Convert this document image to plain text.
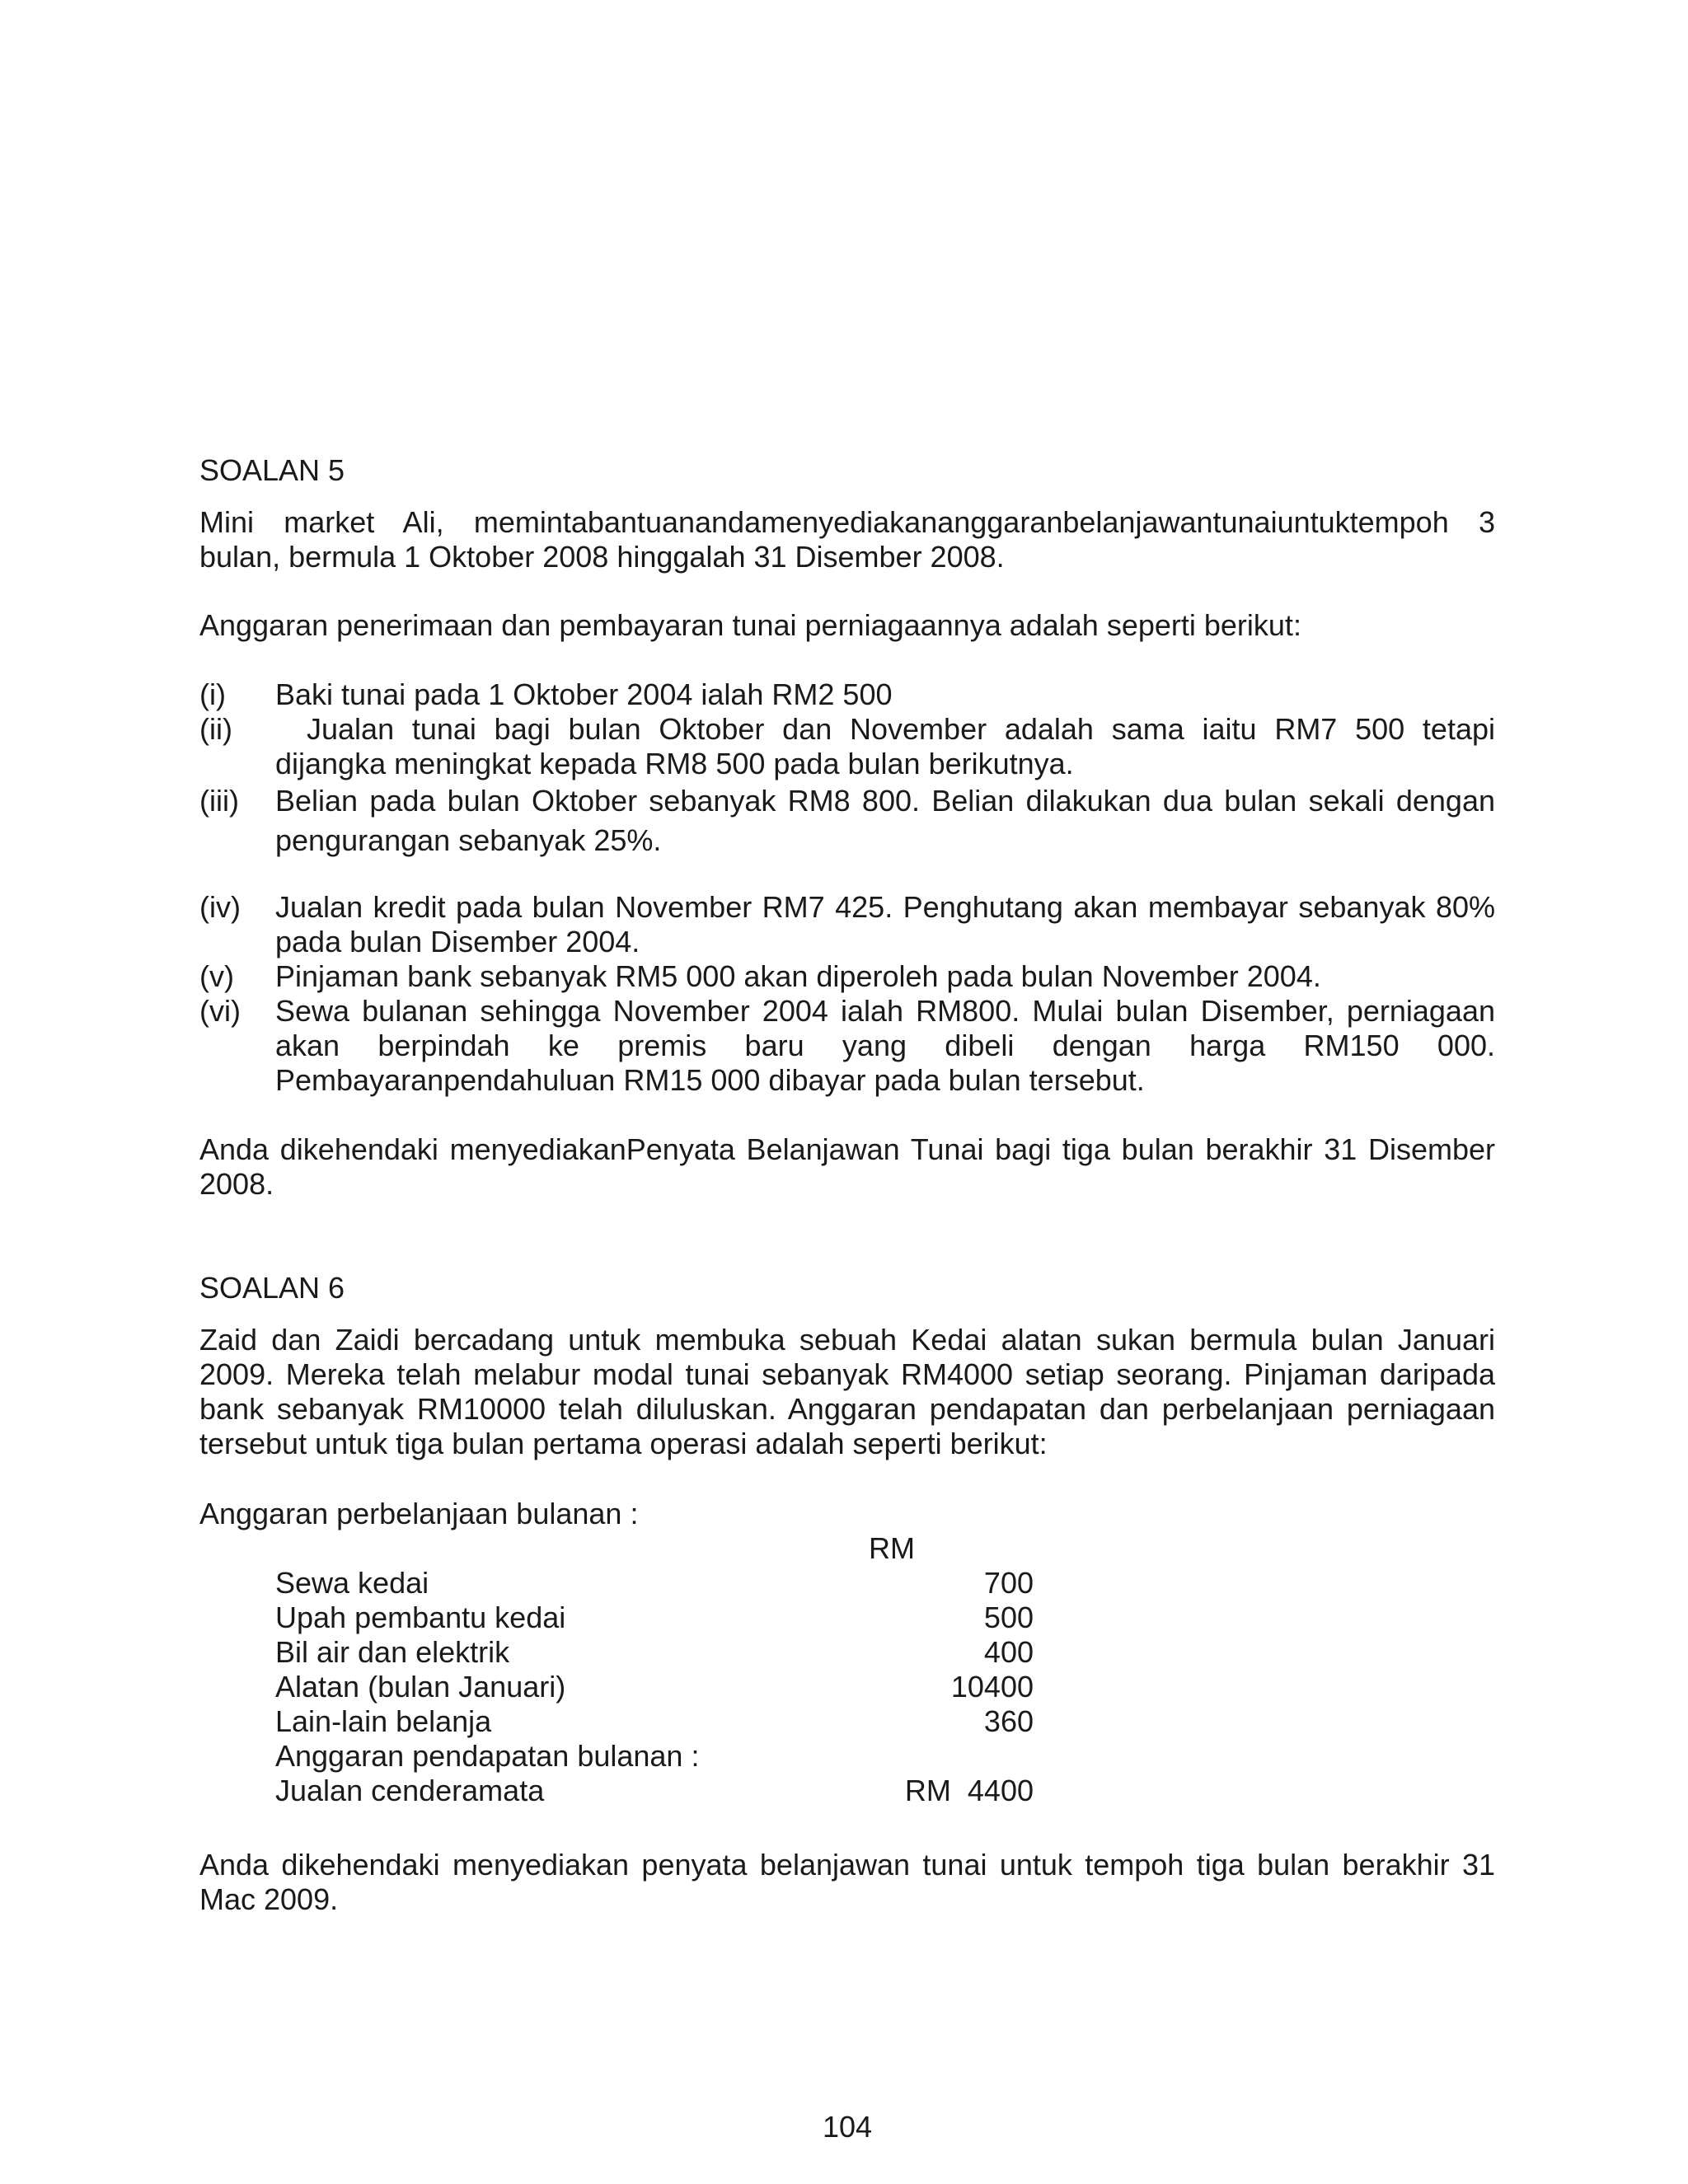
SOALAN 5

Mini market Ali, memintabantuanandamenyediakananggaranbelanjawantunaiuntuktempoh 3 bulan, bermula 1 Oktober 2008 hinggalah 31 Disember 2008.

Anggaran penerimaan dan pembayaran tunai perniagaannya adalah seperti berikut:

(i) Baki tunai pada 1 Oktober 2004 ialah RM2 500
(ii)	Jualan tunai bagi bulan Oktober dan November adalah sama iaitu RM7 500 tetapi dijangka meningkat kepada RM8 500 pada bulan berikutnya.
(iii) Belian pada bulan Oktober sebanyak RM8 800. Belian dilakukan dua bulan sekali dengan pengurangan sebanyak 25%.
(iv) Jualan kredit pada bulan November RM7 425. Penghutang akan membayar sebanyak 80% pada bulan Disember 2004.
(v) Pinjaman bank sebanyak RM5 000 akan diperoleh pada bulan November 2004.
(vi) Sewa bulanan sehingga November 2004 ialah RM800. Mulai bulan Disember, perniagaan akan berpindah ke premis baru yang dibeli dengan harga RM150 000. Pembayaranpendahuluan RM15 000 dibayar pada bulan tersebut.

Anda dikehendaki menyediakanPenyata Belanjawan Tunai bagi tiga bulan berakhir 31 Disember 2008.

SOALAN 6

Zaid dan Zaidi bercadang untuk membuka sebuah Kedai alatan sukan bermula bulan Januari 2009. Mereka telah melabur modal tunai sebanyak RM4000 setiap seorang. Pinjaman daripada bank sebanyak RM10000 telah diluluskan. Anggaran pendapatan dan perbelanjaan perniagaan tersebut untuk tiga bulan pertama operasi adalah seperti berikut:

Anggaran perbelanjaan bulanan :

RM
Sewa kedai	700
Upah pembantu kedai	500
Bil air dan elektrik	400
Alatan (bulan Januari)	10400
Lain-lain belanja	360
Anggaran pendapatan bulanan :
Jualan cenderamata	RM  4400

Anda dikehendaki menyediakan penyata belanjawan tunai untuk tempoh tiga bulan berakhir 31 Mac 2009.

104
